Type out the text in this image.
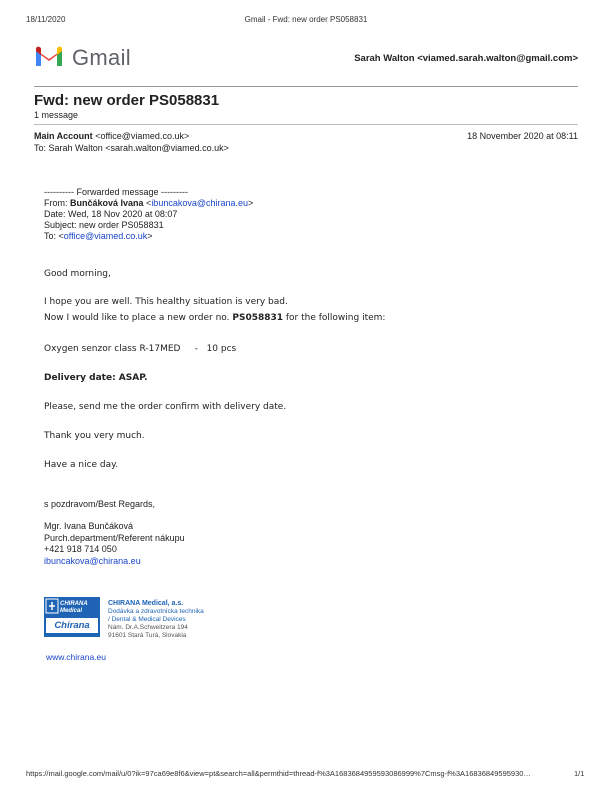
18/11/2020	Gmail - Fwd: new order PS058831
Gmail	Sarah Walton <viamed.sarah.walton@gmail.com>
Fwd: new order PS058831
1 message
Main Account <office@viamed.co.uk>	18 November 2020 at 08:11
To: Sarah Walton <sarah.walton@viamed.co.uk>
---------- Forwarded message ---------
From: Bunčáková Ivana <ibuncakova@chirana.eu>
Date: Wed, 18 Nov 2020 at 08:07
Subject: new order PS058831
To: <office@viamed.co.uk>
Good morning,
I hope you are well. This healthy situation is very bad.
Now I would like to place a new order no. PS058831 for the following item:
Oxygen senzor class R-17MED     -   10 pcs
Delivery date: ASAP.
Please, send me the order confirm with delivery date.
Thank you very much.
Have a nice day.
s pozdravom/Best Regards,
Mgr. Ivana Bunčáková
Purch.department/Referent nákupu
+421 918 714 050
ibuncakova@chirana.eu
CHIRANA Medical
Chirana
CHIRANA Medical, a.s.
Dodávka a zdravotnícka technika
/ Dental & Medical Devices
Nám. Dr.A.Schweitzera 194
91601 Stará Turá, Slovakia
www.chirana.eu
https://mail.google.com/mail/u/0?ik=97ca69e8f6&view=pt&search=all&permthid=thread-f%3A1683684959593086999%7Cmsg-f%3A16836849595930…	1/1
